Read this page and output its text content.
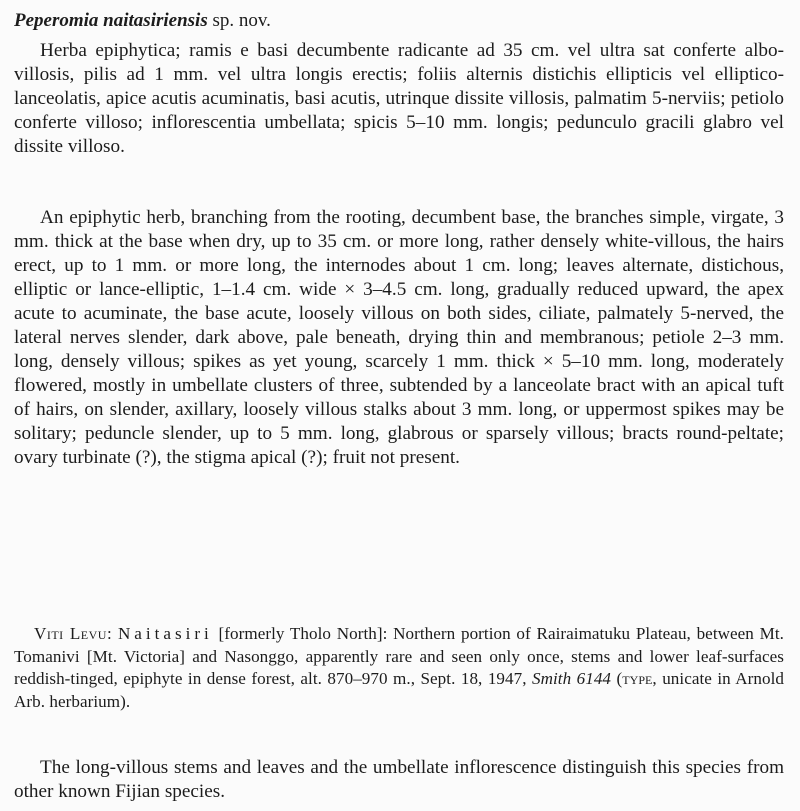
Peperomia naitasiriensis sp. nov.

Herba epiphytica; ramis e basi decumbente radicante ad 35 cm. vel ultra sat conferte albo-villosis, pilis ad 1 mm. vel ultra longis erectis; foliis alternis distichis ellipticis vel elliptico-lanceolatis, apice acutis acuminatis, basi acutis, utrinque dissite villosis, palmatim 5-nerviis; petiolo conferte villoso; inflorescentia umbellata; spicis 5–10 mm. longis; pedunculo gracili glabro vel dissite villoso.

An epiphytic herb, branching from the rooting, decumbent base, the branches simple, virgate, 3 mm. thick at the base when dry, up to 35 cm. or more long, rather densely white-villous, the hairs erect, up to 1 mm. or more long, the internodes about 1 cm. long; leaves alternate, distichous, elliptic or lance-elliptic, 1–1.4 cm. wide × 3–4.5 cm. long, gradually reduced upward, the apex acute to acuminate, the base acute, loosely villous on both sides, ciliate, palmately 5-nerved, the lateral nerves slender, dark above, pale beneath, drying thin and membranous; petiole 2–3 mm. long, densely villous; spikes as yet young, scarcely 1 mm. thick × 5–10 mm. long, moderately flowered, mostly in umbellate clusters of three, subtended by a lanceolate bract with an apical tuft of hairs, on slender, axillary, loosely villous stalks about 3 mm. long, or uppermost spikes may be solitary; peduncle slender, up to 5 mm. long, glabrous or sparsely villous; bracts round-peltate; ovary turbinate (?), the stigma apical (?); fruit not present.

Viti Levu: Naitasiri [formerly Tholo North]: Northern portion of Rairaimatuku Plateau, between Mt. Tomanivi [Mt. Victoria] and Nasonggo, apparently rare and seen only once, stems and lower leaf-surfaces reddish-tinged, epiphyte in dense forest, alt. 870–970 m., Sept. 18, 1947, Smith 6144 (type, unicate in Arnold Arb. herbarium).

The long-villous stems and leaves and the umbellate inflorescence distinguish this species from other known Fijian species.
